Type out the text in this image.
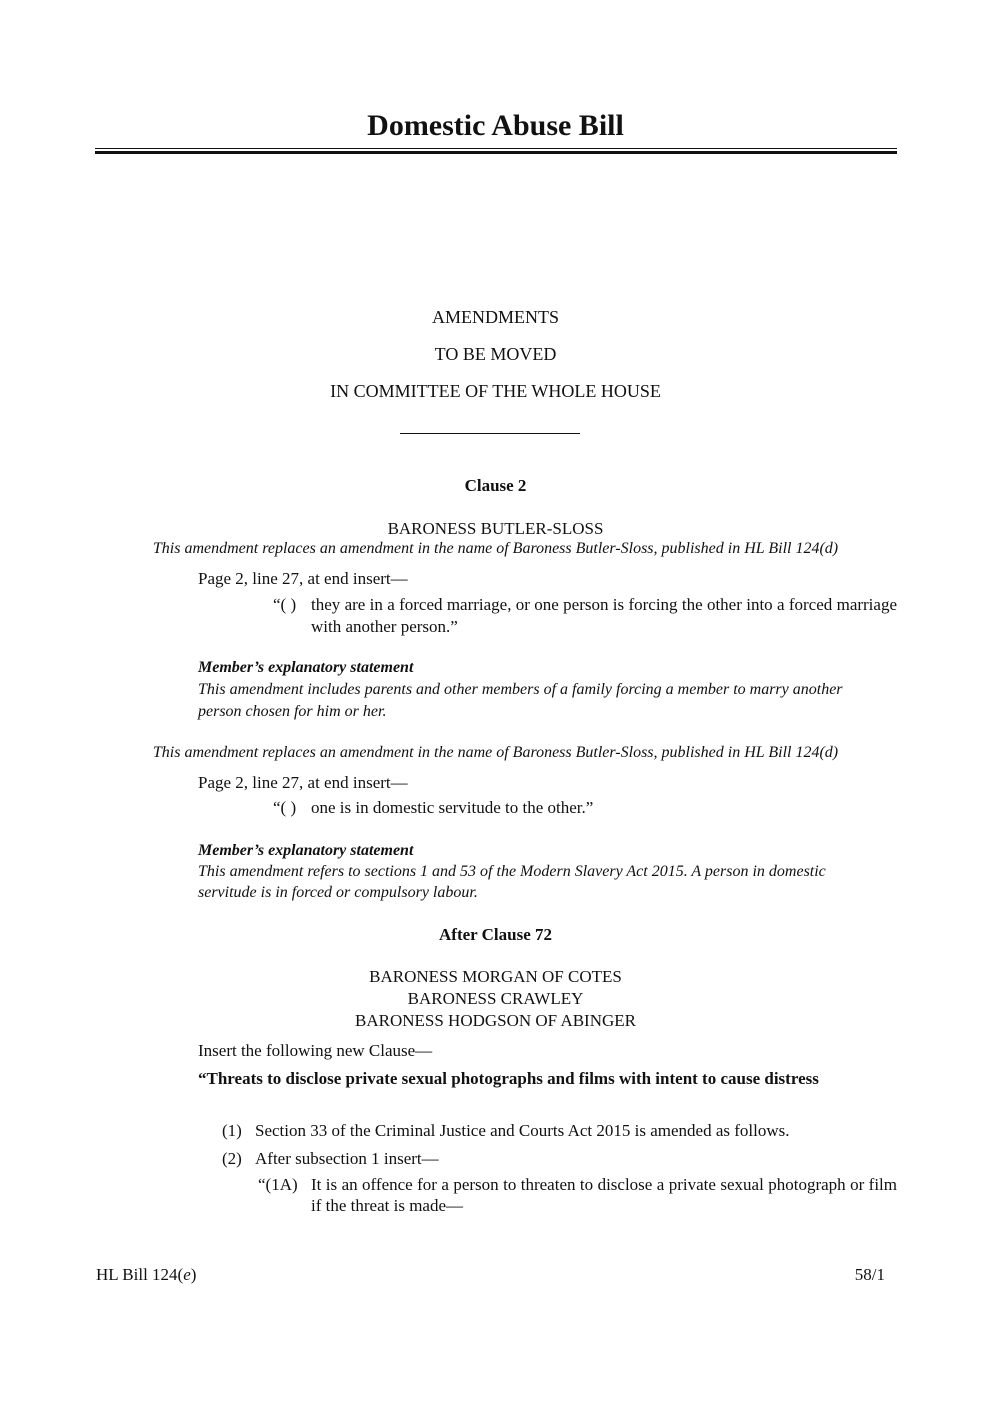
Domestic Abuse Bill
AMENDMENTS
TO BE MOVED
IN COMMITTEE OF THE WHOLE HOUSE
Clause 2
BARONESS BUTLER-SLOSS
This amendment replaces an amendment in the name of Baroness Butler-Sloss, published in HL Bill 124(d)
Page 2, line 27, at end insert—
“( ) they are in a forced marriage, or one person is forcing the other into a forced marriage with another person.”
Member’s explanatory statement
This amendment includes parents and other members of a family forcing a member to marry another person chosen for him or her.
This amendment replaces an amendment in the name of Baroness Butler-Sloss, published in HL Bill 124(d)
Page 2, line 27, at end insert—
“( ) one is in domestic servitude to the other.”
Member’s explanatory statement
This amendment refers to sections 1 and 53 of the Modern Slavery Act 2015. A person in domestic servitude is in forced or compulsory labour.
After Clause 72
BARONESS MORGAN OF COTES
BARONESS CRAWLEY
BARONESS HODGSON OF ABINGER
Insert the following new Clause—
“Threats to disclose private sexual photographs and films with intent to cause distress
(1) Section 33 of the Criminal Justice and Courts Act 2015 is amended as follows.
(2) After subsection 1 insert—
“(1A) It is an offence for a person to threaten to disclose a private sexual photograph or film if the threat is made—
HL Bill 124(e)	58/1
